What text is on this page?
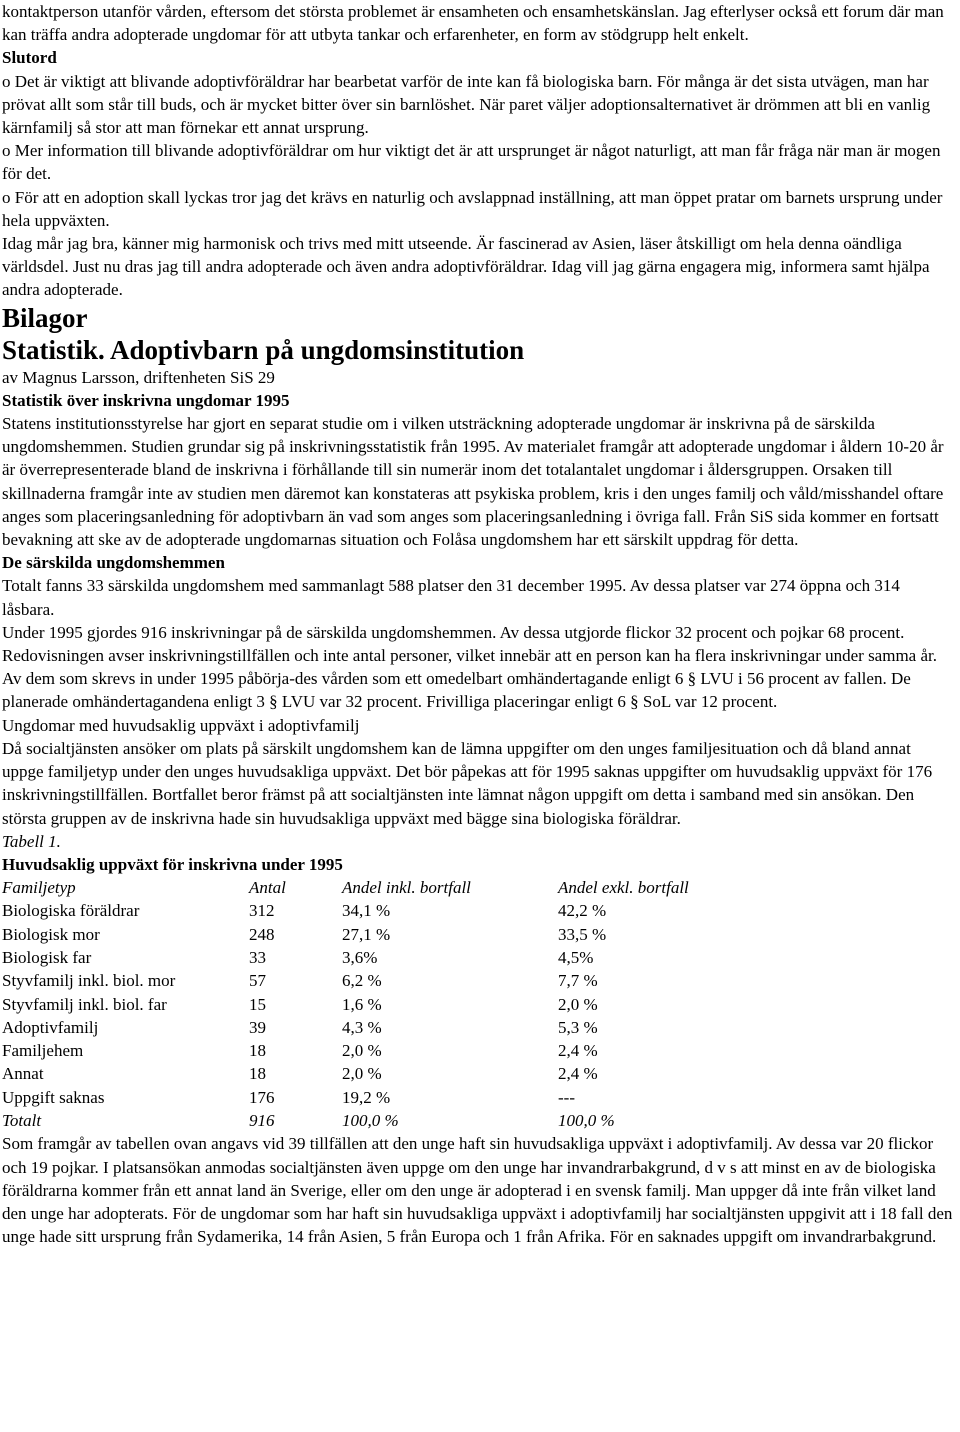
kontaktperson utanför vården, eftersom det största problemet är ensamheten och ensamhetskänslan. Jag efterlyser också ett forum där man kan träffa andra adopterade ungdomar för att utbyta tankar och erfarenheter, en form av stödgrupp helt enkelt.

Slutord

o Det är viktigt att blivande adoptivföräldrar har bearbetat varför de inte kan få biologiska barn. För många är det sista utvägen, man har prövat allt som står till buds, och är mycket bitter över sin barnlöshet. När paret väljer adoptionsalternativet är drömmen att bli en vanlig kärnfamilj så stor att man förnekar ett annat ursprung.

o Mer information till blivande adoptivföräldrar om hur viktigt det är att ursprunget är något naturligt, att man får fråga när man är mogen för det.

o För att en adoption skall lyckas tror jag det krävs en naturlig och avslappnad inställning, att man öppet pratar om barnets ursprung under hela uppväxten.

Idag mår jag bra, känner mig harmonisk och trivs med mitt utseende. Är fascinerad av Asien, läser åtskilligt om hela denna oändliga världsdel. Just nu dras jag till andra adopterade och även andra adoptivföräldrar. Idag vill jag gärna engagera mig, informera samt hjälpa andra adopterade.

Bilagor
Statistik. Adoptivbarn på ungdomsinstitution

av Magnus Larsson, driftenheten SiS 29

Statistik över inskrivna ungdomar 1995

Statens institutionsstyrelse har gjort en separat studie om i vilken utsträckning adopterade ungdomar är inskrivna på de särskilda ungdomshemmen. Studien grundar sig på inskrivningsstatistik från 1995. Av materialet framgår att adopterade ungdomar i åldern 10-20 år är överrepresenterade bland de inskrivna i förhållande till sin numerär inom det totalantalet ungdomar i åldersgruppen. Orsaken till skillnaderna framgår inte av studien men däremot kan konstateras att psykiska problem, kris i den unges familj och våld/misshandel oftare anges som placeringsanledning för adoptivbarn än vad som anges som placeringsanledning i övriga fall. Från SiS sida kommer en fortsatt bevakning att ske av de adopterade ungdomarnas situation och Folåsa ungdomshem har ett särskilt uppdrag för detta.

De särskilda ungdomshemmen

Totalt fanns 33 särskilda ungdomshem med sammanlagt 588 platser den 31 december 1995. Av dessa platser var 274 öppna och 314 låsbara.

Under 1995 gjordes 916 inskrivningar på de särskilda ungdomshemmen. Av dessa utgjorde flickor 32 procent och pojkar 68 procent. Redovisningen avser inskrivningstillfällen och inte antal personer, vilket innebär att en person kan ha flera inskrivningar under samma år.

Av dem som skrevs in under 1995 påbörja-des vården som ett omedelbart omhändertagande enligt 6 § LVU i 56 procent av fallen. De planerade omhändertagandena enligt 3 § LVU var 32 procent. Frivilliga placeringar enligt 6 § SoL var 12 procent.

Ungdomar med huvudsaklig uppväxt i adoptivfamilj

Då socialtjänsten ansöker om plats på särskilt ungdomshem kan de lämna uppgifter om den unges familjesituation och då bland annat uppge familjetyp under den unges huvudsakliga uppväxt. Det bör påpekas att för 1995 saknas uppgifter om huvudsaklig uppväxt för 176 inskrivningstillfällen. Bortfallet beror främst på att socialtjänsten inte lämnat någon uppgift om detta i samband med sin ansökan. Den största gruppen av de inskrivna hade sin huvudsakliga uppväxt med bägge sina biologiska föräldrar.

Tabell 1.

Huvudsaklig uppväxt för inskrivna under 1995

Familjetyp	Antal	Andel inkl. bortfall	Andel exkl. bortfall
Biologiska föräldrar	312	34,1 %	42,2 %
Biologisk mor	248	27,1 %	33,5 %
Biologisk far	33	3,6%	4,5%
Styvfamilj inkl. biol. mor	57	6,2 %	7,7 %
Styvfamilj inkl. biol. far	15	1,6 %	2,0 %
Adoptivfamilj	39	4,3 %	5,3 %
Familjehem	18	2,0 %	2,4 %
Annat	18	2,0 %	2,4 %
Uppgift saknas	176	19,2 %	---
Totalt	916	100,0 %	100,0 %

Som framgår av tabellen ovan angavs vid 39 tillfällen att den unge haft sin huvudsakliga uppväxt i adoptivfamilj. Av dessa var 20 flickor och 19 pojkar. I platsansökan anmodas socialtjänsten även uppge om den unge har invandrarbakgrund, d v s att minst en av de biologiska föräldrarna kommer från ett annat land än Sverige, eller om den unge är adopterad i en svensk familj. Man uppger då inte från vilket land den unge har adopterats. För de ungdomar som har haft sin huvudsakliga uppväxt i adoptivfamilj har socialtjänsten uppgivit att i 18 fall den unge hade sitt ursprung från Sydamerika, 14 från Asien, 5 från Europa och 1 från Afrika. För en saknades uppgift om invandrarbakgrund.
